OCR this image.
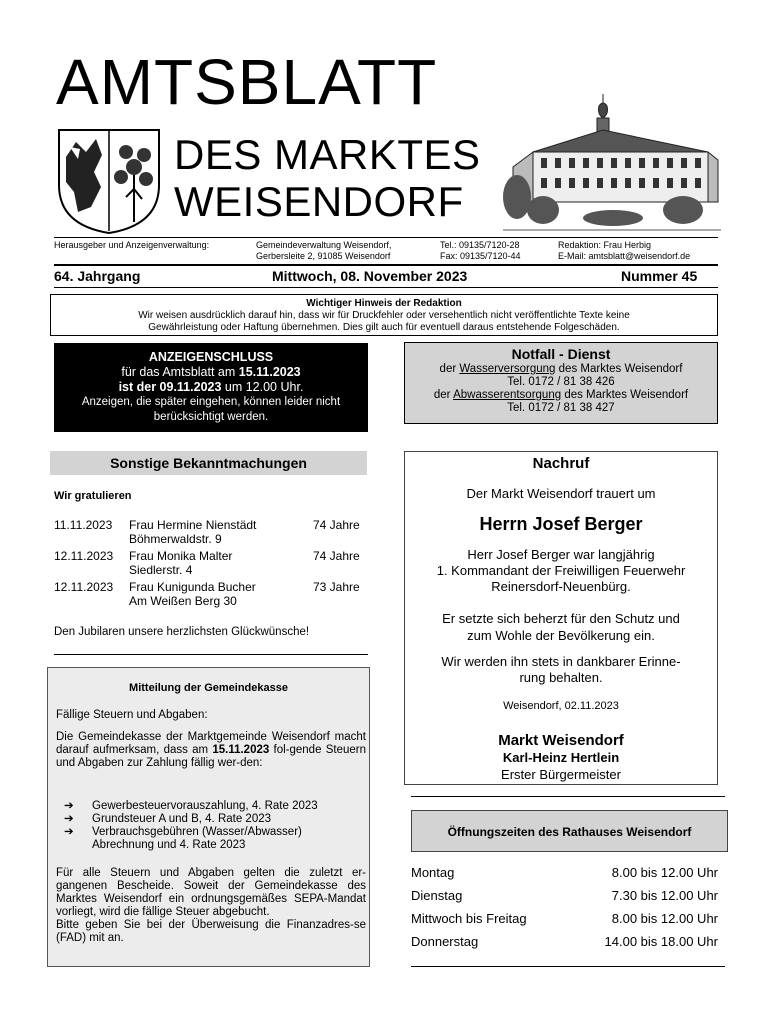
AMTSBLATT
DES MARKTES
WEISENDORF
Herausgeber und Anzeigenverwaltung:	Gemeindeverwaltung Weisendorf,
Gerbersleite 2, 91085 Weisendorf
Tel.: 09135/7120-28
Fax: 09135/7120-44
Redaktion: Frau Herbig
E-Mail: amtsblatt@weisendorf.de
64. Jahrgang	Mittwoch, 08. November 2023	Nummer 45
Wichtiger Hinweis der Redaktion
Wir weisen ausdrücklich darauf hin, dass wir für Druckfehler oder versehentlich nicht veröffentlichte Texte keine
Gewährleistung oder Haftung übernehmen. Dies gilt auch für eventuell daraus entstehende Folgeschäden.
ANZEIGENSCHLUSS
für das Amtsblatt am 15.11.2023
ist der 09.11.2023 um 12.00 Uhr.
Anzeigen, die später eingehen, können leider nicht
berücksichtigt werden.
Notfall - Dienst
der Wasserversorgung des Marktes Weisendorf
Tel. 0172 / 81 38 426
der Abwasserentsorgung des Marktes Weisendorf
Tel. 0172 / 81 38 427
Sonstige Bekanntmachungen
Wir gratulieren
11.11.2023 Frau Hermine Nienstädt
Böhmerwaldstr. 9
74 Jahre
12.11.2023 Frau Monika Malter
Siedlerstr. 4
74 Jahre
12.11.2023 Frau Kunigunda Bucher
Am Weißen Berg 30
73 Jahre
Den Jubilaren unsere herzlichsten Glückwünsche!
Mitteilung der Gemeindekasse
Fällige Steuern und Abgaben:
Die Gemeindekasse der Marktgemeinde Weisendorf macht darauf aufmerksam, dass am 15.11.2023 fol-gende Steuern und Abgaben zur Zahlung fällig wer-den:
➔ Gewerbesteuervorauszahlung, 4. Rate 2023
➔ Grundsteuer A und B, 4. Rate 2023
➔ Verbrauchsgebühren (Wasser/Abwasser)
Abrechnung und 4. Rate 2023
Für alle Steuern und Abgaben gelten die zuletzt er-gangenen Bescheide. Soweit der Gemeindekasse des Marktes Weisendorf ein ordnungsgemäßes SEPA-Mandat vorliegt, wird die fällige Steuer abgebucht.
Bitte geben Sie bei der Überweisung die Finanzadres-se (FAD) mit an.
Nachruf
Der Markt Weisendorf trauert um
Herrn Josef Berger
Herr Josef Berger war langjährig
1. Kommandant der Freiwilligen Feuerwehr
Reinersdorf-Neuenbürg.
Er setzte sich beherzt für den Schutz und
zum Wohle der Bevölkerung ein.
Wir werden ihn stets in dankbarer Erinne-
rung behalten.
Weisendorf, 02.11.2023
Markt Weisendorf
Karl-Heinz Hertlein
Erster Bürgermeister
Öffnungszeiten des Rathauses Weisendorf
Montag	8.00 bis 12.00 Uhr
Dienstag	7.30 bis 12.00 Uhr
Mittwoch bis Freitag	8.00 bis 12.00 Uhr
Donnerstag	14.00 bis 18.00 Uhr
